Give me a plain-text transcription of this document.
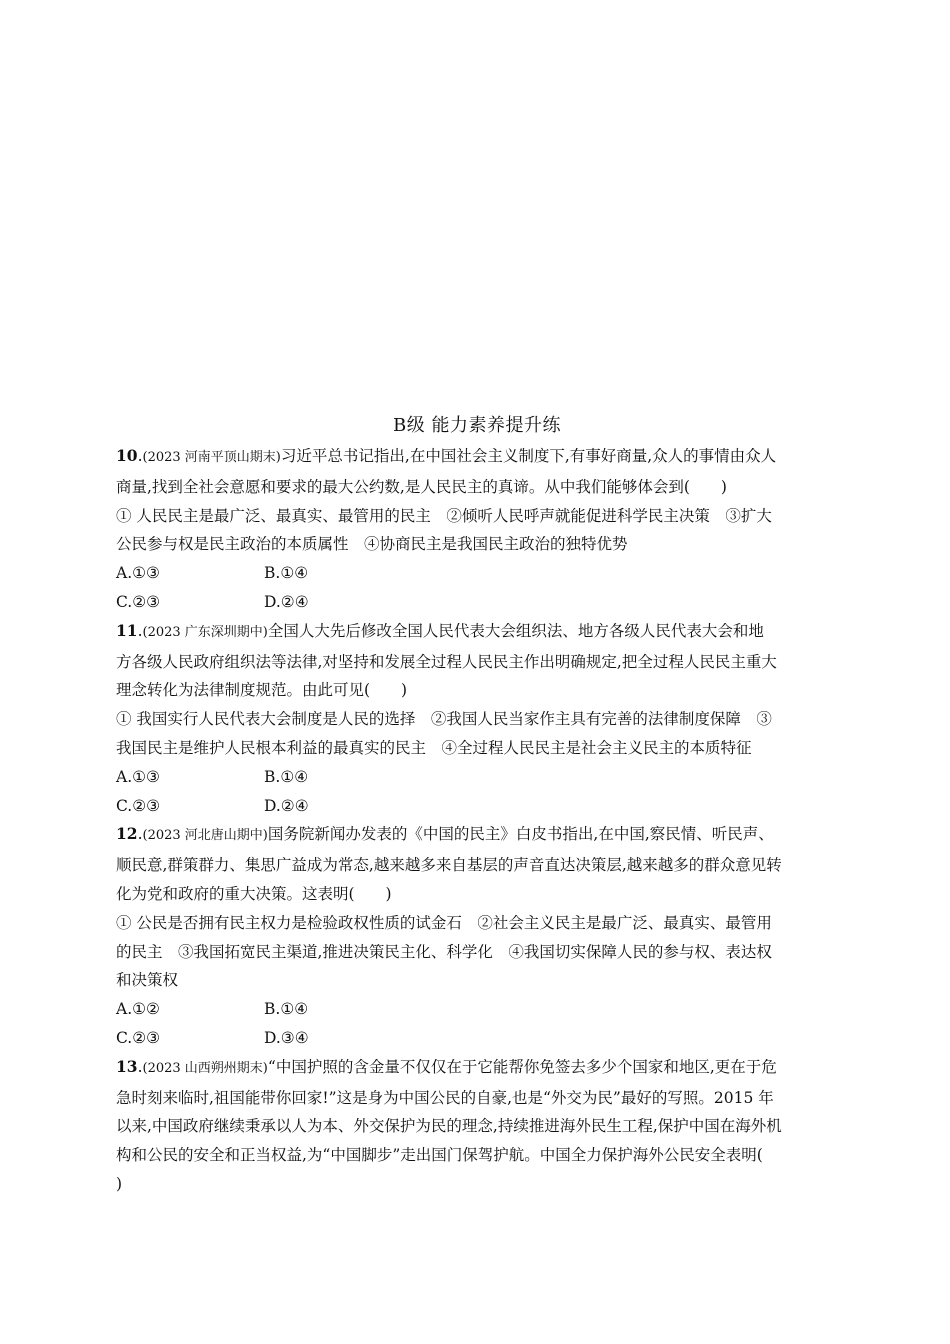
B级 能力素养提升练
10.(2023 河南平顶山期末)习近平总书记指出,在中国社会主义制度下,有事好商量,众人的事情由众人
商量,找到全社会意愿和要求的最大公约数,是人民民主的真谛。从中我们能够体会到(　　)
① 人民民主是最广泛、最真实、最管用的民主　②倾听人民呼声就能促进科学民主决策　③扩大
公民参与权是民主政治的本质属性　④协商民主是我国民主政治的独特优势
A.①③	B.①④
C.②③	D.②④
11.(2023 广东深圳期中)全国人大先后修改全国人民代表大会组织法、地方各级人民代表大会和地
方各级人民政府组织法等法律,对坚持和发展全过程人民民主作出明确规定,把全过程人民民主重大
理念转化为法律制度规范。由此可见(　　)
① 我国实行人民代表大会制度是人民的选择　②我国人民当家作主具有完善的法律制度保障　③
我国民主是维护人民根本利益的最真实的民主　④全过程人民民主是社会主义民主的本质特征
A.①③	B.①④
C.②③	D.②④
12.(2023 河北唐山期中)国务院新闻办发表的《中国的民主》白皮书指出,在中国,察民情、听民声、
顺民意,群策群力、集思广益成为常态,越来越多来自基层的声音直达决策层,越来越多的群众意见转
化为党和政府的重大决策。这表明(　　)
① 公民是否拥有民主权力是检验政权性质的试金石　②社会主义民主是最广泛、最真实、最管用
的民主　③我国拓宽民主渠道,推进决策民主化、科学化　④我国切实保障人民的参与权、表达权
和决策权
A.①②	B.①④
C.②③	D.③④
13.(2023 山西朔州期末)“中国护照的含金量不仅仅在于它能帮你免签去多少个国家和地区,更在于危
急时刻来临时,祖国能带你回家!”这是身为中国公民的自豪,也是“外交为民”最好的写照。2015 年
以来,中国政府继续秉承以人为本、外交保护为民的理念,持续推进海外民生工程,保护中国在海外机
构和公民的安全和正当权益,为“中国脚步”走出国门保驾护航。中国全力保护海外公民安全表明(
)
